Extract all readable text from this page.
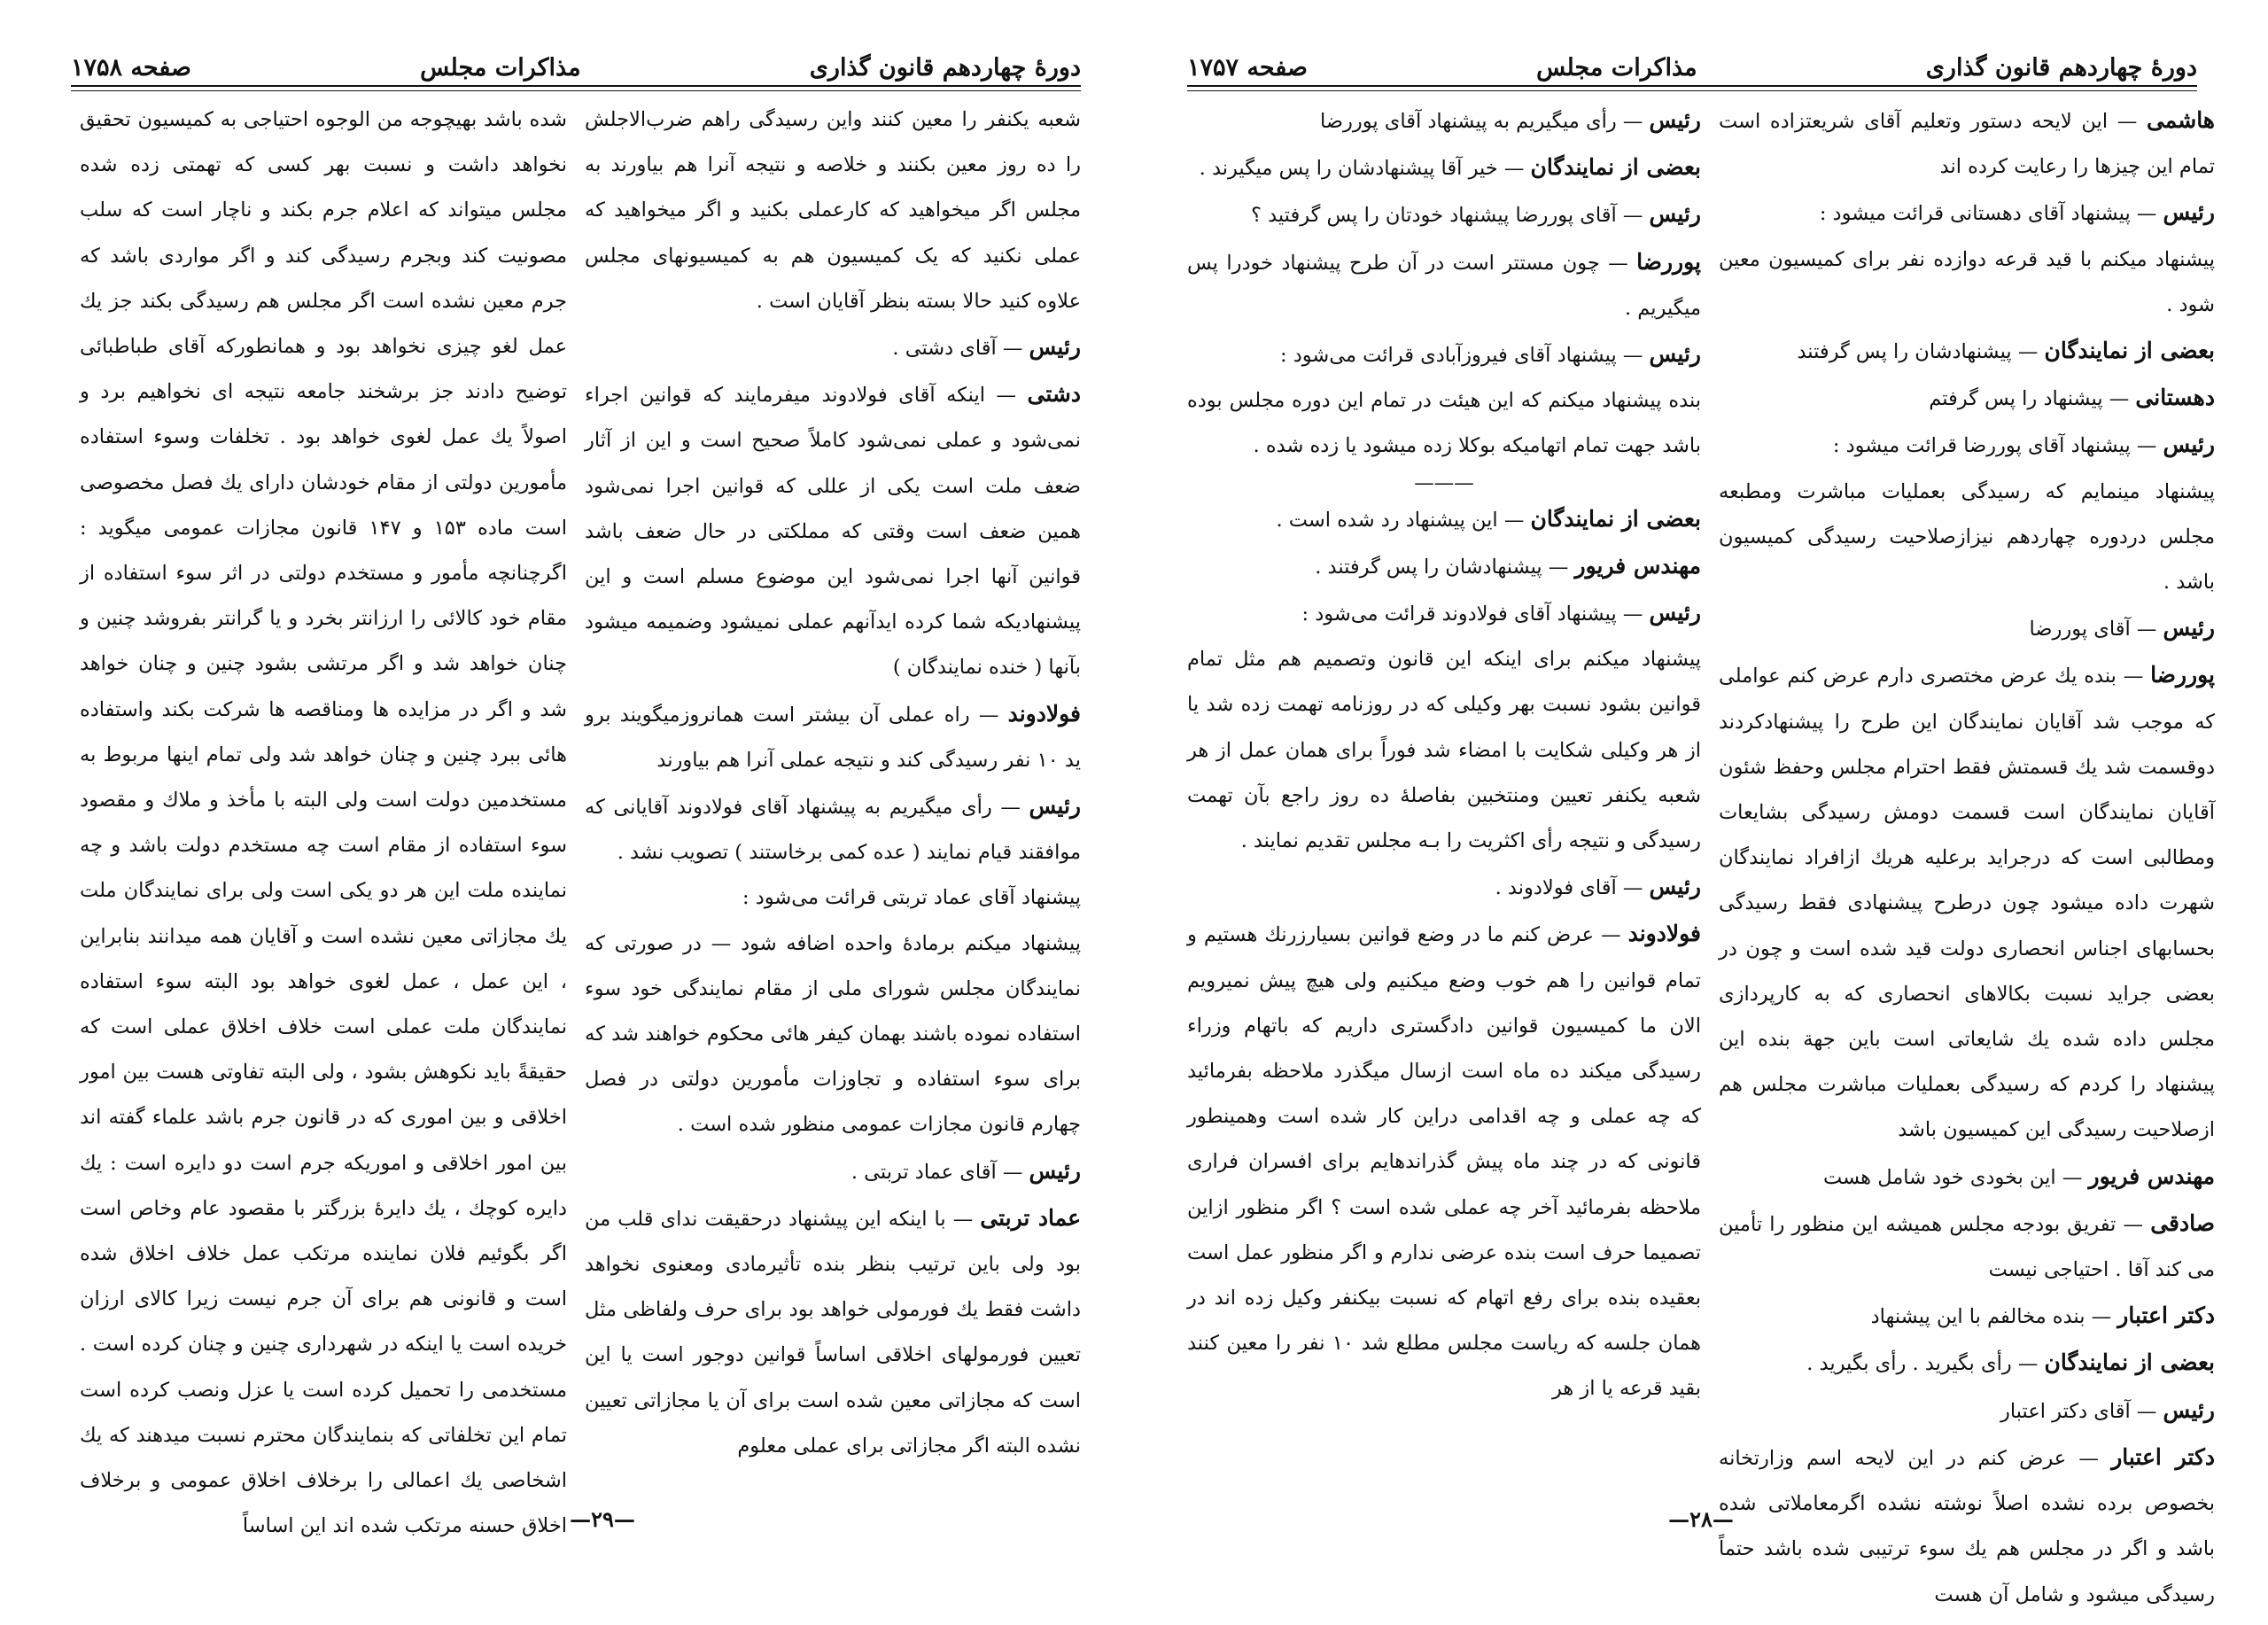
دورهٔ چهاردهم قانون گذاری
مذاکرات مجلس
صفحه ۱۷۵۸

شعبه یکنفر را معین کنند واین رسیدگی راهم ضرب‌الاجلش را ده روز معین بکنند و خلاصه و نتیجه آنرا هم بیاورند به مجلس اگر میخواهید که کارعملی بکنید و اگر میخواهید که عملی نکنید که یک کمیسیون هم به کمیسیونهای مجلس علاوه کنید حالا بسته بنظر آقایان است .

رئیس — آقای دشتی .

دشتی — اینکه آقای فولادوند میفرمایند که قوانین اجراء نمی‌شود و عملی نمی‌شود کاملاً صحیح است و این از آثار ضعف ملت است یکی از عللی که قوانین اجرا نمی‌شود همین ضعف است وقتی که مملکتی در حال ضعف باشد قوانین آنها اجرا نمی‌شود این موضوع مسلم است و این پیشنهادیکه شما کرده ایدآنهم عملی نمیشود وضمیمه میشود بآنها ( خنده نمایندگان )

فولادوند — راه عملی آن بیشتر است همانروزمیگویند برو ید ۱۰ نفر رسیدگی کند و نتیجه عملی آنرا هم بیاورند

رئیس — رأی میگیریم به پیشنهاد آقای فولادوند آقایانی که موافقند قیام نمایند ( عده کمی برخاستند ) تصویب نشد .

پیشنهاد آقای عماد تربتی قرائت می‌شود :

پیشنهاد میکنم برمادهٔ واحده اضافه شود — در صورتی که نمایندگان مجلس شورای ملی از مقام نمایندگی خود سوء استفاده نموده باشند بهمان کیفر هائی محکوم خواهند شد که برای سوء استفاده و تجاوزات مأمورین دولتی در فصل چهارم قانون مجازات عمومی منظور شده است .

رئیس — آقای عماد تربتی .

عماد تربتی — با اینکه این پیشنهاد درحقیقت ندای قلب من بود ولی باین ترتیب بنظر بنده تأثیرمادی ومعنوی نخواهد داشت فقط یك فورمولی خواهد بود برای حرف ولفاظی مثل تعیین فورمولهای اخلاقی اساساً قوانین دوجور است یا این است که مجازاتی معین شده است برای آن یا مجازاتی تعیین نشده البته اگر مجازاتی برای عملی معلوم

شده باشد بهیچوجه من الوجوه احتیاجی به کمیسیون تحقیق نخواهد داشت و نسبت بهر کسی که تهمتی زده شده مجلس میتواند که اعلام جرم بکند و ناچار است که سلب مصونیت کند وبجرم رسیدگی کند و اگر مواردی باشد که جرم معین نشده است اگر مجلس هم رسیدگی بکند جز یك عمل لغو چیزی نخواهد بود و همانطورکه آقای طباطبائی توضیح دادند جز برشخند جامعه نتیجه ای نخواهیم برد و اصولاً یك عمل لغوی خواهد بود . تخلفات وسوء استفاده مأمورین دولتی از مقام خودشان دارای یك فصل مخصوصی است ماده ۱۵۳ و ۱۴۷ قانون مجازات عمومی میگوید : اگرچنانچه مأمور و مستخدم دولتی در اثر سوء استفاده از مقام خود کالائی را ارزانتر بخرد و یا گرانتر بفروشد چنین و چنان خواهد شد و اگر مرتشی بشود چنین و چنان خواهد شد و اگر در مزایده ها ومناقصه ها شرکت بکند واستفاده هائی ببرد چنین و چنان خواهد شد ولی تمام اینها مربوط به مستخدمین دولت است ولی البته با مأخذ و ملاك و مقصود سوء استفاده از مقام است چه مستخدم دولت باشد و چه نماینده ملت این هر دو یکی است ولی برای نمایندگان ملت یك مجازاتی معین نشده است و آقایان همه میدانند بنابراین ، این عمل ، عمل لغوی خواهد بود البته سوء استفاده نمایندگان ملت عملی است خلاف اخلاق عملی است که حقیقةً باید نکوهش بشود ، ولی البته تفاوتی هست بین امور اخلاقی و بین اموری که در قانون جرم باشد علماء گفته اند بین امور اخلاقی و اموریکه جرم است دو دایره است : یك دایره کوچك ، یك دایرهٔ بزرگتر با مقصود عام وخاص است اگر بگوئیم فلان نماینده مرتکب عمل خلاف اخلاق شده است و قانونی هم برای آن جرم نیست زیرا کالای ارزان خریده است یا اینکه در شهرداری چنین و چنان کرده است . مستخدمی را تحمیل کرده است یا عزل ونصب کرده است تمام این تخلفاتی که بنمایندگان محترم نسبت میدهند که یك اشخاصی یك اعمالی را برخلاف اخلاق عمومی و برخلاف اخلاق حسنه مرتکب شده اند این اساساً —۲۹—
دورهٔ چهاردهم قانون گذاری
مذاکرات مجلس
صفحه ۱۷۵۷

هاشمی — این لایحه دستور وتعلیم آقای شریعتزاده است تمام این چیزها را رعایت کرده اند

رئیس — پیشنهاد آقای دهستانی قرائت میشود :

پیشنهاد میکنم با قید قرعه دوازده نفر برای کمیسیون معین شود .

بعضی از نمایندگان — پیشنهادشان را پس گرفتند

دهستانی — پیشنهاد را پس گرفتم

رئیس — پیشنهاد آقای پوررضا قرائت میشود :

پیشنهاد مینمایم که رسیدگی بعملیات مباشرت ومطبعه مجلس دردوره چهاردهم نیزازصلاحیت رسیدگی کمیسیون باشد .

رئیس — آقای پوررضا

پوررضا — بنده یك عرض مختصری دارم عرض کنم عواملی که موجب شد آقایان نمایندگان این طرح را پیشنهادکردند دوقسمت شد یك قسمتش فقط احترام مجلس وحفظ شئون آقایان نمایندگان است قسمت دومش رسیدگی بشایعات ومطالبی است که درجراید برعلیه هریك ازافراد نمایندگان شهرت داده میشود چون درطرح پیشنهادی فقط رسیدگی بحسابهای اجناس انحصاری دولت قید شده است و چون در بعضی جراید نسبت بکالاهای انحصاری که به کارپردازی مجلس داده شده یك شایعاتی است باین جهة بنده این پیشنهاد را کردم که رسیدگی بعملیات مباشرت مجلس هم ازصلاحیت رسیدگی این کمیسیون باشد

مهندس فریور — این بخودی خود شامل هست

صادقی — تفریق بودجه مجلس همیشه این منظور را تأمین می کند آقا . احتیاجی نیست

دکتر اعتبار — بنده مخالفم با این پیشنهاد

بعضی از نمایندگان — رأی بگیرید . رأی بگیرید .

رئیس — آقای دکتر اعتبار

دکتر اعتبار — عرض کنم در این لایحه اسم وزارتخانه بخصوص برده نشده اصلاً نوشته نشده اگرمعاملاتی شده باشد و اگر در مجلس هم یك سوء ترتیبی شده باشد حتماً رسیدگی میشود و شامل آن هست

رئیس — رأی میگیریم به پیشنهاد آقای پوررضا

بعضی از نمایندگان — خیر آقا پیشنهادشان را پس میگیرند .

رئیس — آقای پوررضا پیشنهاد خودتان را پس گرفتید ؟

پوررضا — چون مستتر است در آن طرح پیشنهاد خودرا پس میگیریم .

رئیس — پیشنهاد آقای فیروزآبادی قرائت می‌شود :

بنده پیشنهاد میکنم که این هیئت در تمام این دوره مجلس بوده باشد جهت تمام اتهامیکه بوکلا زده میشود یا زده شده .

———

بعضی از نمایندگان — این پیشنهاد رد شده است .

مهندس فریور — پیشنهادشان را پس گرفتند .

رئیس — پیشنهاد آقای فولادوند قرائت می‌شود :

پیشنهاد میکنم برای اینکه این قانون وتصمیم هم مثل تمام قوانین بشود نسبت بهر وکیلی که در روزنامه تهمت زده شد یا از هر وکیلی شکایت با امضاء شد فوراً برای همان عمل از هر شعبه یکنفر تعیین ومنتخبین بفاصلهٔ ده روز راجع بآن تهمت رسیدگی و نتیجه رأی اکثریت را بـه مجلس تقدیم نمایند .

رئیس — آقای فولادوند .

فولادوند — عرض کنم ما در وضع قوانین بسیارزرنك هستیم و تمام قوانین را هم خوب وضع میکنیم ولی هیچ پیش نمیرویم الان ما کمیسیون قوانین دادگستری داریم که باتهام وزراء رسیدگی میکند ده ماه است ازسال میگذرد ملاحظه بفرمائید که چه عملی و چه اقدامی دراین کار شده است وهمینطور قانونی که در چند ماه پیش گذراندهایم برای افسران فراری ملاحظه بفرمائید آخر چه عملی شده است ؟ اگر منظور ازاین تصمیما حرف است بنده عرضی ندارم و اگر منظور عمل است بعقیده بنده برای رفع اتهام که نسبت بیکنفر وکیل زده اند در همان جلسه که ریاست مجلس مطلع شد ۱۰ نفر را معین کنند بقید قرعه یا از هر

—۲۸—
